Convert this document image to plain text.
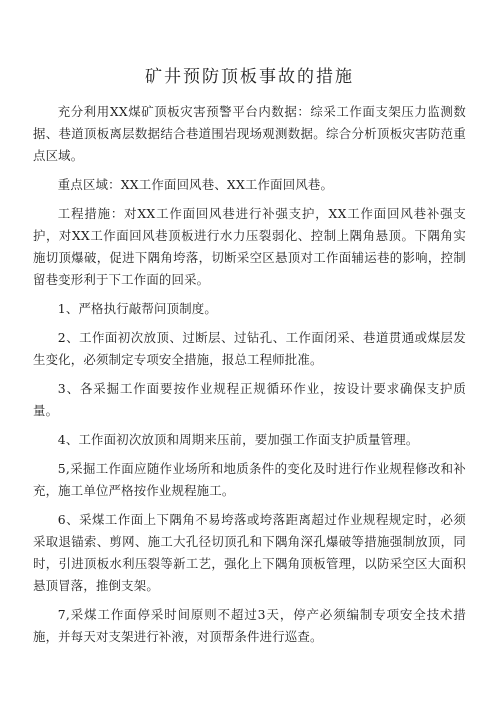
矿井预防顶板事故的措施

充分利用XX煤矿顶板灾害预警平台内数据：综采工作面支架压力监测数据、巷道顶板离层数据结合巷道围岩现场观测数据。综合分析顶板灾害防范重点区域。

重点区域：XX工作面回风巷、XX工作面回风巷。

工程措施：对XX工作面回风巷进行补强支护，XX工作面回风巷补强支护，对XX工作面回风巷顶板进行水力压裂弱化、控制上隅角悬顶。下隅角实施切顶爆破，促进下隅角垮落，切断采空区悬顶对工作面辅运巷的影响，控制留巷变形利于下工作面的回采。

1、严格执行敲帮问顶制度。

2、工作面初次放顶、过断层、过钻孔、工作面闭采、巷道贯通或煤层发生变化，必须制定专项安全措施，报总工程师批准。

3、各采掘工作面要按作业规程正规循环作业，按设计要求确保支护质量。

4、工作面初次放顶和周期来压前，要加强工作面支护质量管理。

5,采掘工作面应随作业场所和地质条件的变化及时进行作业规程修改和补充，施工单位严格按作业规程施工。

6、采煤工作面上下隅角不易垮落或垮落距离超过作业规程规定时，必须采取退锚索、剪网、施工大孔径切顶孔和下隅角深孔爆破等措施强制放顶，同时，引进顶板水利压裂等新工艺，强化上下隅角顶板管理，以防采空区大面积悬顶冒落，推倒支架。

7,采煤工作面停采时间原则不超过3天，停产必须编制专项安全技术措施，并每天对支架进行补液，对顶帮条件进行巡查。
